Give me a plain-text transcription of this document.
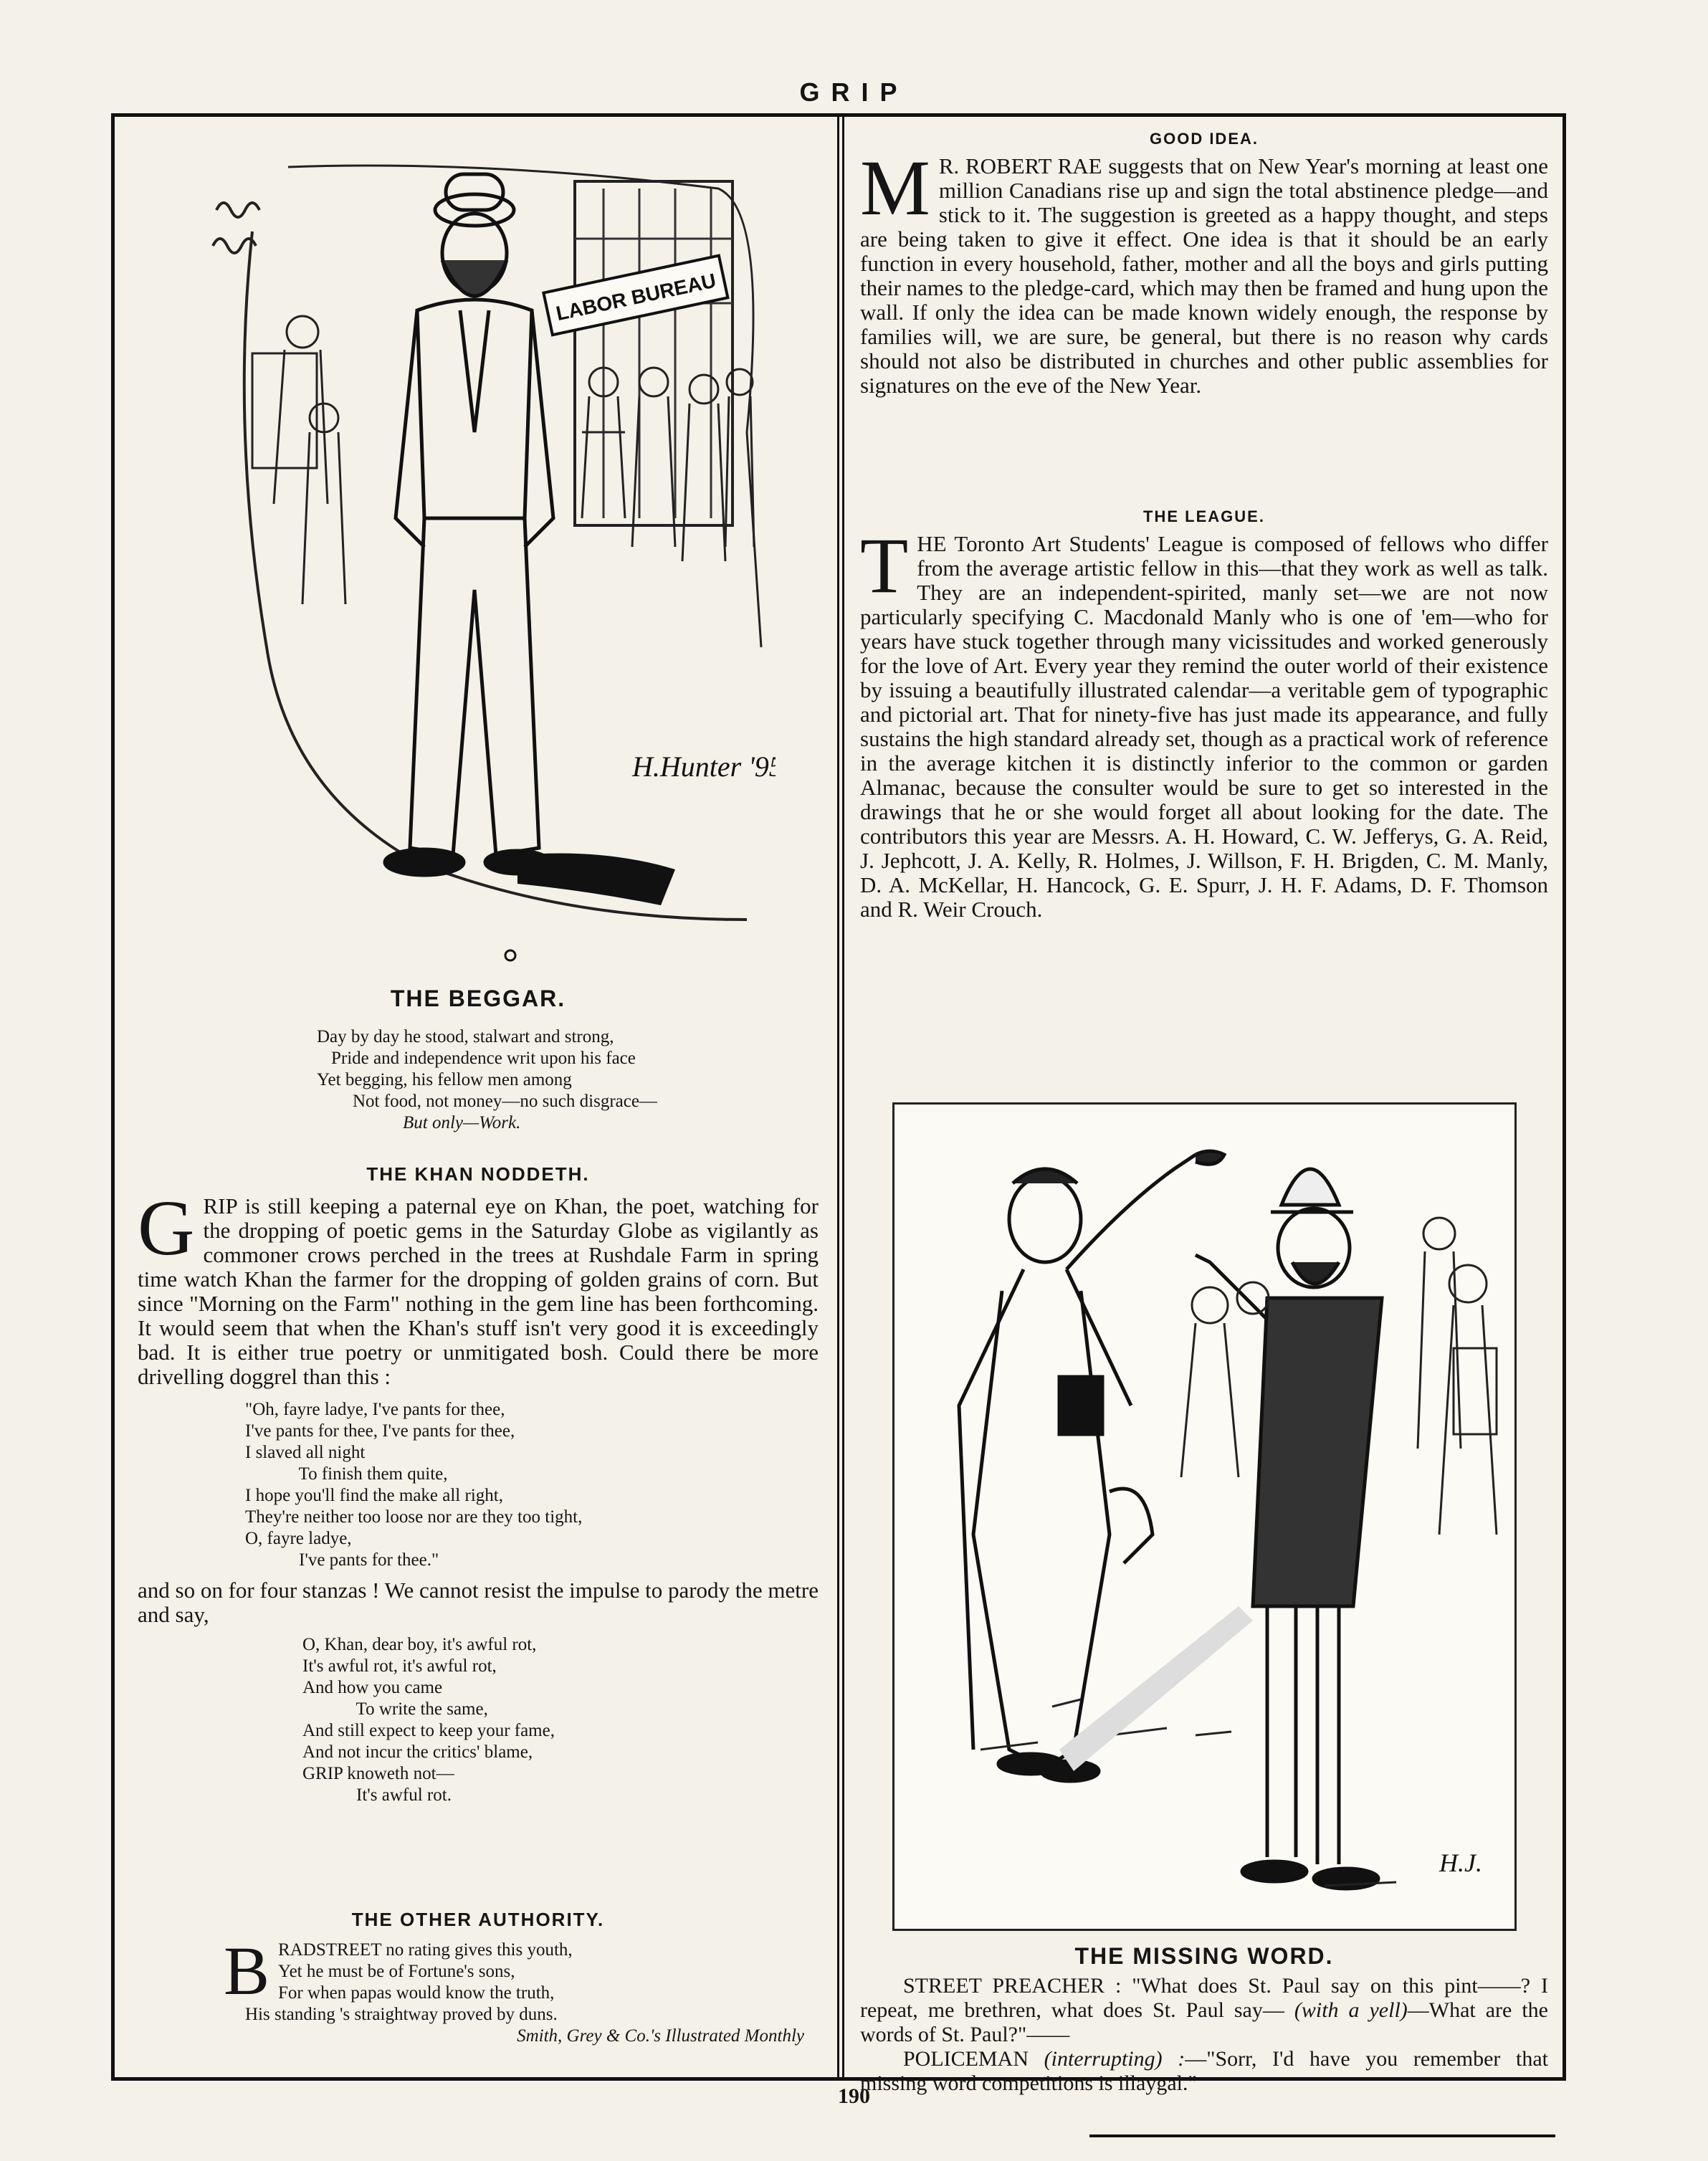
GRIP
LABOR BUREAU
H.Hunter '95
THE BEGGAR.
Day by day he stood, stalwart and strong,
Pride and independence writ upon his face
Yet begging, his fellow men among
Not food, not money—no such disgrace—
But only—Work.
THE KHAN NODDETH.

GRIP is still keeping a paternal eye on Khan, the poet, watching for the dropping of poetic gems in the Saturday Globe as vigilantly as commoner crows perched in the trees at Rushdale Farm in spring time watch Khan the farmer for the dropping of golden grains of corn. But since "Morning on the Farm" nothing in the gem line has been forthcoming. It would seem that when the Khan's stuff isn't very good it is exceedingly bad. It is either true poetry or unmitigated bosh. Could there be more drivelling doggrel than this :

"Oh, fayre ladye, I've pants for thee,
I've pants for thee, I've pants for thee,
I slaved all night
To finish them quite,
I hope you'll find the make all right,
They're neither too loose nor are they too tight,
O, fayre ladye,
I've pants for thee."

and so on for four stanzas ! We cannot resist the impulse to parody the metre and say,

O, Khan, dear boy, it's awful rot,
It's awful rot, it's awful rot,
And how you came
To write the same,
And still expect to keep your fame,
And not incur the critics' blame,
GRIP knoweth not—
It's awful rot.
THE OTHER AUTHORITY.
B RADSTREET no rating gives this youth,
Yet he must be of Fortune's sons,
For when papas would know the truth,
His standing 's straightway proved by duns.
Smith, Grey & Co.'s Illustrated Monthly
GOOD IDEA.

M R. ROBERT RAE suggests that on New Year's morning at least one million Canadians rise up and sign the total abstinence pledge—and stick to it. The suggestion is greeted as a happy thought, and steps are being taken to give it effect. One idea is that it should be an early function in every household, father, mother and all the boys and girls putting their names to the pledge-card, which may then be framed and hung upon the wall. If only the idea can be made known widely enough, the response by families will, we are sure, be general, but there is no reason why cards should not also be distributed in churches and other public assemblies for signatures on the eve of the New Year.

THE LEAGUE.

THE Toronto Art Students' League is composed of fellows who differ from the average artistic fellow in this—that they work as well as talk. They are an independent-spirited, manly set—we are not now particularly specifying C. Macdonald Manly who is one of 'em—who for years have stuck together through many vicissitudes and worked generously for the love of Art. Every year they remind the outer world of their existence by issuing a beautifully illustrated calendar—a veritable gem of typographic and pictorial art. That for ninety-five has just made its appearance, and fully sustains the high standard already set, though as a practical work of reference in the average kitchen it is distinctly inferior to the common or garden Almanac, because the consulter would be sure to get so interested in the drawings that he or she would forget all about looking for the date. The contributors this year are Messrs. A. H. Howard, C. W. Jefferys, G. A. Reid, J. Jephcott, J. A. Kelly, R. Holmes, J. Willson, F. H. Brigden, C. M. Manly, D. A. McKellar, H. Hancock, G. E. Spurr, J. H. F. Adams, D. F. Thomson and R. Weir Crouch.

H.J.
THE MISSING WORD.

STREET PREACHER : "What does St. Paul say on this pint——? I repeat, me brethren, what does St. Paul say— (with a yell)—What are the words of St. Paul?"——

POLICEMAN (interrupting) :—"Sorr, I'd have you remember that missing word competitions is illaygal."

190
